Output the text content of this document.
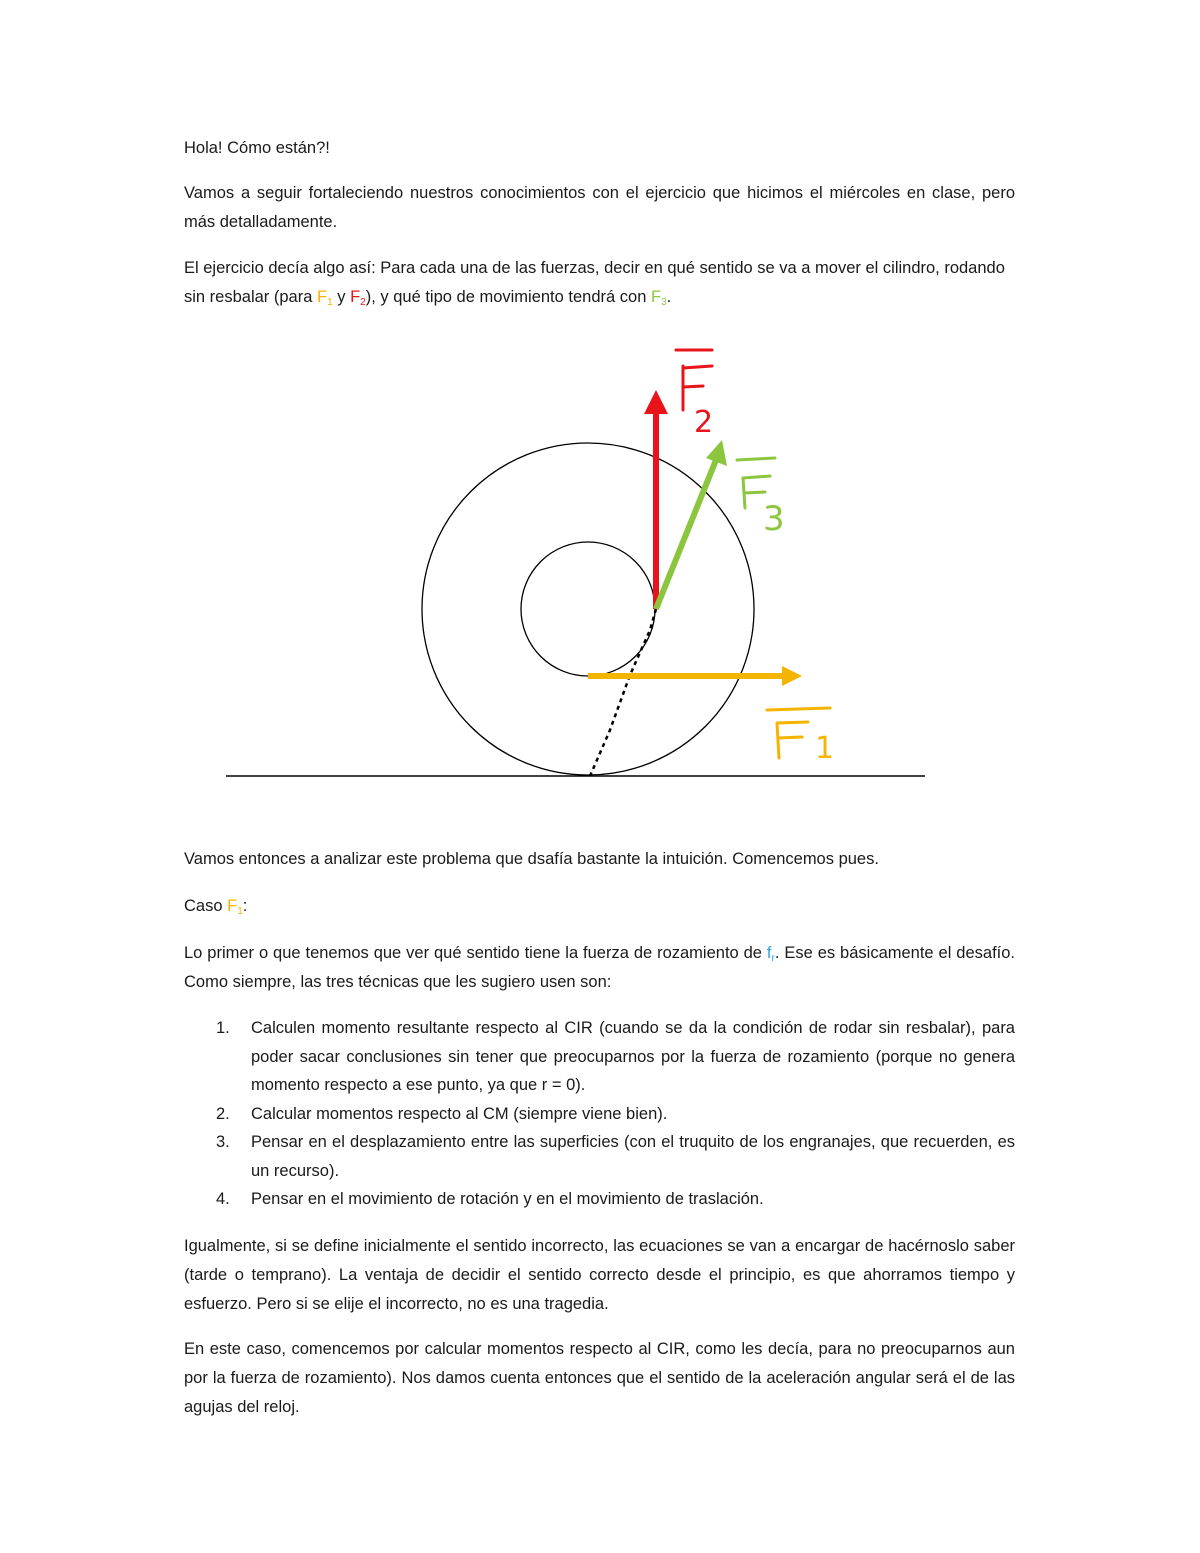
Hola! Cómo están?!

Vamos a seguir fortaleciendo nuestros conocimientos con el ejercicio que hicimos el miércoles en clase, pero más detalladamente.

El ejercicio decía algo así: Para cada una de las fuerzas, decir en qué sentido se va a mover el cilindro, rodando sin resbalar (para $F_1$ y $F_2$), y qué tipo de movimiento tendrá con $F_3$.

2
3
1

Vamos entonces a analizar este problema que dsafía bastante la intuición. Comencemos pues.

Caso $F_1$:

Lo primer o que tenemos que ver qué sentido tiene la fuerza de rozamiento de $f_r$. Ese es básicamente el desafío. Como siempre, las tres técnicas que les sugiero usen son:

1. Calculen momento resultante respecto al CIR (cuando se da la condición de rodar sin resbalar), para poder sacar conclusiones sin tener que preocuparnos por la fuerza de rozamiento (porque no genera momento respecto a ese punto, ya que r = 0).
2. Calcular momentos respecto al CM (siempre viene bien).
3. Pensar en el desplazamiento entre las superficies (con el truquito de los engranajes, que recuerden, es un recurso).
4. Pensar en el movimiento de rotación y en el movimiento de traslación.

Igualmente, si se define inicialmente el sentido incorrecto, las ecuaciones se van a encargar de hacérnoslo saber (tarde o temprano). La ventaja de decidir el sentido correcto desde el principio, es que ahorramos tiempo y esfuerzo. Pero si se elije el incorrecto, no es una tragedia.

En este caso, comencemos por calcular momentos respecto al CIR, como les decía, para no preocuparnos aun por la fuerza de rozamiento). Nos damos cuenta entonces que el sentido de la aceleración angular será el de las agujas del reloj.
